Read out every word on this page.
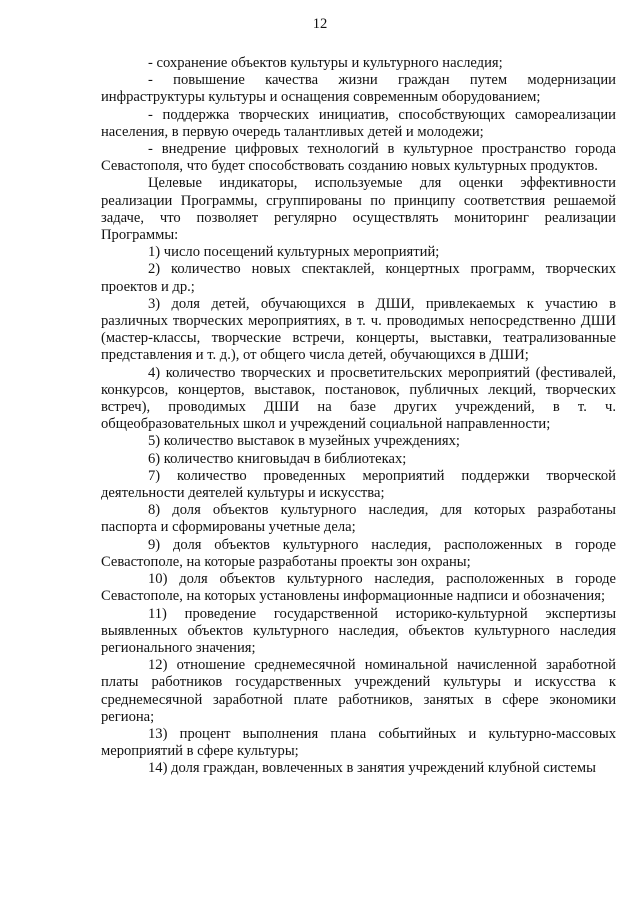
12

- сохранение объектов культуры и культурного наследия;

- повышение качества жизни граждан путем модернизации инфраструктуры культуры и оснащения современным оборудованием;

- поддержка творческих инициатив, способствующих самореализации населения, в первую очередь талантливых детей и молодежи;

- внедрение цифровых технологий в культурное пространство города Севастополя, что будет способствовать созданию новых культурных продуктов.

Целевые индикаторы, используемые для оценки эффективности реализации Программы, сгруппированы по принципу соответствия решаемой задаче, что позволяет регулярно осуществлять мониторинг реализации Программы:

1) число посещений культурных мероприятий;

2) количество новых спектаклей, концертных программ, творческих проектов и др.;

3) доля детей, обучающихся в ДШИ, привлекаемых к участию в различных творческих мероприятиях, в т. ч. проводимых непосредственно ДШИ (мастер-классы, творческие встречи, концерты, выставки, театрализованные представления и т. д.), от общего числа детей, обучающихся в ДШИ;

4) количество творческих и просветительских мероприятий (фестивалей, конкурсов, концертов, выставок, постановок, публичных лекций, творческих встреч), проводимых ДШИ на базе других учреждений, в т. ч. общеобразовательных школ и учреждений социальной направленности;

5) количество выставок в музейных учреждениях;

6) количество книговыдач в библиотеках;

7) количество проведенных мероприятий поддержки творческой деятельности деятелей культуры и искусства;

8) доля объектов культурного наследия, для которых разработаны паспорта и сформированы учетные дела;

9) доля объектов культурного наследия, расположенных в городе Севастополе, на которые разработаны проекты зон охраны;

10) доля объектов культурного наследия, расположенных в городе Севастополе, на которых установлены информационные надписи и обозначения;

11) проведение государственной историко-культурной экспертизы выявленных объектов культурного наследия, объектов культурного наследия регионального значения;

12) отношение среднемесячной номинальной начисленной заработной платы работников государственных учреждений культуры и искусства к среднемесячной заработной плате работников, занятых в сфере экономики региона;

13) процент выполнения плана событийных и культурно-массовых мероприятий в сфере культуры;

14) доля граждан, вовлеченных в занятия учреждений клубной системы
